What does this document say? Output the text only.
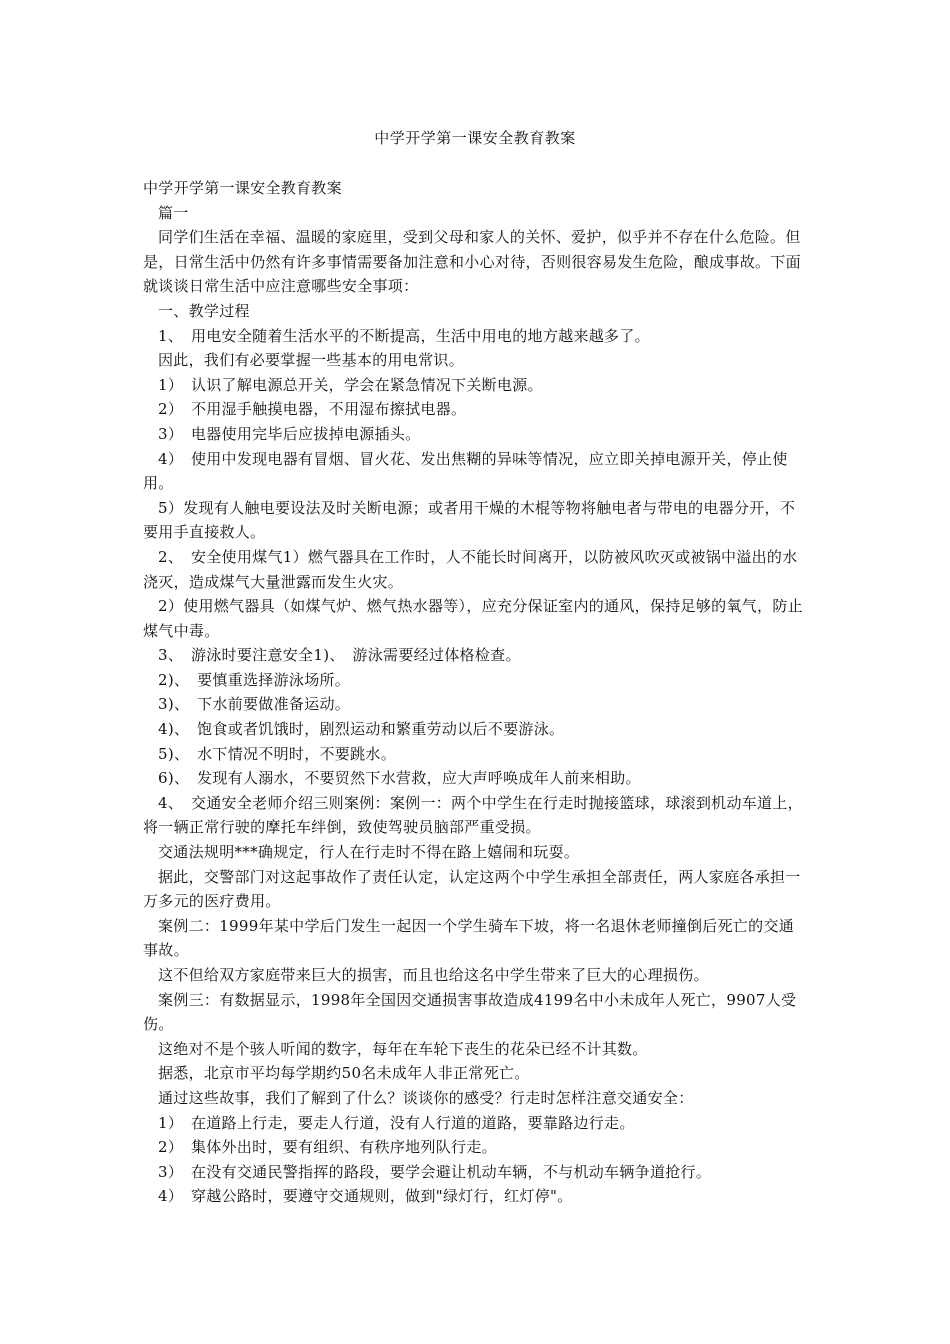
中学开学第一课安全教育教案

中学开学第一课安全教育教案

篇一

同学们生活在幸福、温暖的家庭里，受到父母和家人的关怀、爱护，似乎并不存在什么危险。但是，日常生活中仍然有许多事情需要备加注意和小心对待，否则很容易发生危险，酿成事故。下面就谈谈日常生活中应注意哪些安全事项：

一、教学过程

1、　用电安全随着生活水平的不断提高，生活中用电的地方越来越多了。

因此，我们有必要掌握一些基本的用电常识。

1）　认识了解电源总开关，学会在紧急情况下关断电源。

2）　不用湿手触摸电器，不用湿布擦拭电器。

3）　电器使用完毕后应拔掉电源插头。

4）　使用中发现电器有冒烟、冒火花、发出焦糊的异味等情况，应立即关掉电源开关，停止使用。

5）发现有人触电要设法及时关断电源；或者用干燥的木棍等物将触电者与带电的电器分开，不要用手直接救人。

2、　安全使用煤气1）燃气器具在工作时，人不能长时间离开，以防被风吹灭或被锅中溢出的水浇灭，造成煤气大量泄露而发生火灾。

2）使用燃气器具（如煤气炉、燃气热水器等），应充分保证室内的通风，保持足够的氧气，防止煤气中毒。

3、　游泳时要注意安全1)、　游泳需要经过体格检查。

2)、　要慎重选择游泳场所。

3)、　下水前要做准备运动。

4)、　饱食或者饥饿时，剧烈运动和繁重劳动以后不要游泳。

5)、　水下情况不明时，不要跳水。

6)、　发现有人溺水，不要贸然下水营救，应大声呼唤成年人前来相助。

4、　交通安全老师介绍三则案例：案例一：两个中学生在行走时抛接篮球，球滚到机动车道上，将一辆正常行驶的摩托车绊倒，致使驾驶员脑部严重受损。

交通法规明***确规定，行人在行走时不得在路上嬉闹和玩耍。

据此，交警部门对这起事故作了责任认定，认定这两个中学生承担全部责任，两人家庭各承担一万多元的医疗费用。

案例二：1999年某中学后门发生一起因一个学生骑车下坡，将一名退休老师撞倒后死亡的交通事故。

这不但给双方家庭带来巨大的损害，而且也给这名中学生带来了巨大的心理损伤。

案例三：有数据显示，1998年全国因交通损害事故造成4199名中小未成年人死亡，9907人受伤。

这绝对不是个骇人听闻的数字，每年在车轮下丧生的花朵已经不计其数。

据悉，北京市平均每学期约50名未成年人非正常死亡。

通过这些故事，我们了解到了什么？谈谈你的感受？行走时怎样注意交通安全：

1）　在道路上行走，要走人行道，没有人行道的道路，要靠路边行走。

2）　集体外出时，要有组织、有秩序地列队行走。

3）　在没有交通民警指挥的路段，要学会避让机动车辆，不与机动车辆争道抢行。

4）　穿越公路时，要遵守交通规则，做到"绿灯行，红灯停"。
